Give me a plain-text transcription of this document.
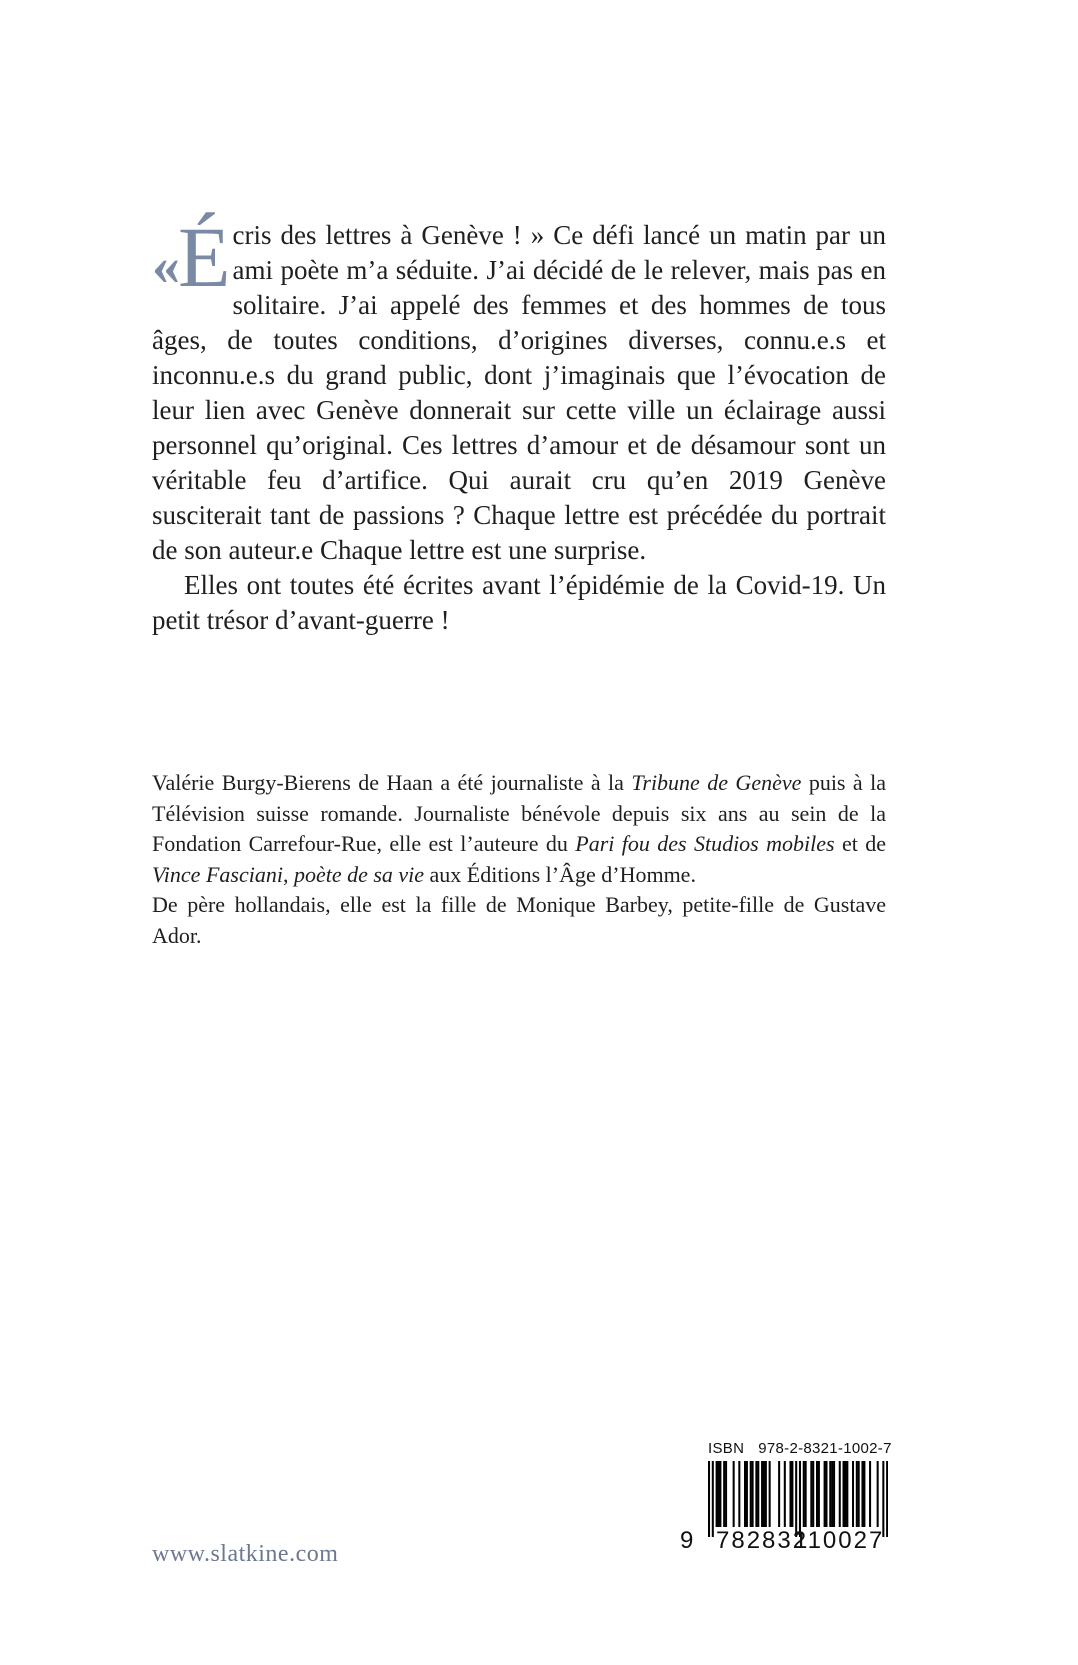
« É cris des lettres à Genève ! » Ce défi lancé un matin par un ami poète m’a séduite. J’ai décidé de le relever, mais pas en solitaire. J’ai appelé des femmes et des hommes de tous âges, de toutes conditions, d’origines diverses, connu.e.s et inconnu.e.s du grand public, dont j’imaginais que l’évocation de leur lien avec Genève donnerait sur cette ville un éclairage aussi personnel qu’original. Ces lettres d’amour et de désamour sont un véritable feu d’artifice. Qui aurait cru qu’en 2019 Genève susciterait tant de passions ? Chaque lettre est précédée du portrait de son auteur.e Chaque lettre est une surprise.

Elles ont toutes été écrites avant l’épidémie de la Covid-19. Un petit trésor d’avant-guerre !

Valérie Burgy-Bierens de Haan a été journaliste à la Tribune de Genève puis à la Télévision suisse romande. Journaliste bénévole depuis six ans au sein de la Fondation Carrefour-Rue, elle est l’auteure du Pari fou des Studios mobiles et de Vince Fasciani, poète de sa vie aux Éditions l’Âge d’Homme.

De père hollandais, elle est la fille de Monique Barbey, petite-fille de Gustave Ador.

www.slatkine.com
ISBN 978-2-8321-1002-7
9 782832
110027
